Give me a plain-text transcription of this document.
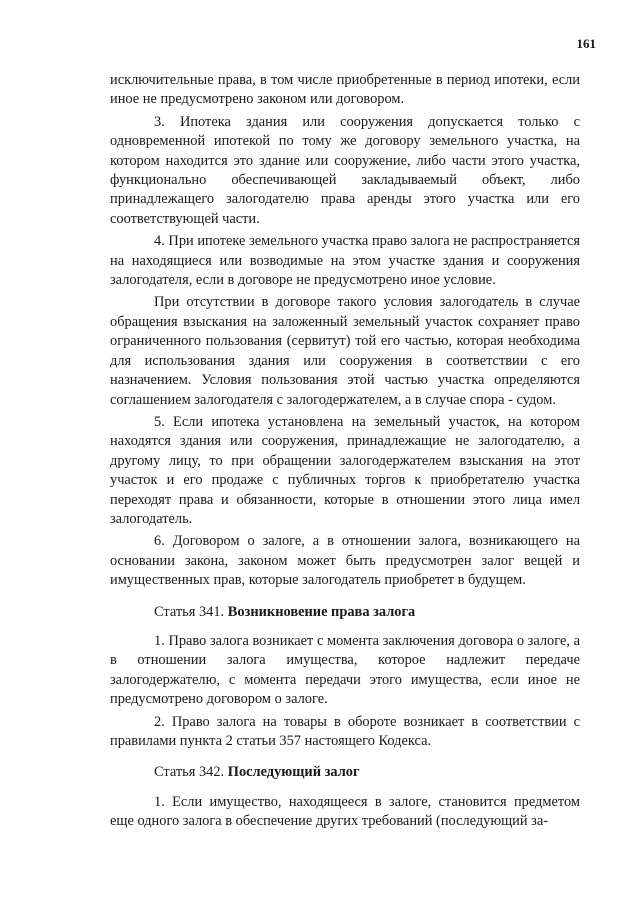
161

исключительные права, в том числе приобретенные в период ипотеки, если иное не предусмотрено законом или договором.

3. Ипотека здания или сооружения допускается только с одновременной ипотекой по тому же договору земельного участка, на котором находится это здание или сооружение, либо части этого участка, функционально обеспечивающей закладываемый объект, либо принадлежащего залогодателю права аренды этого участка или его соответствующей части.

4. При ипотеке земельного участка право залога не распространяется на находящиеся или возводимые на этом участке здания и сооружения залогодателя, если в договоре не предусмотрено иное условие.

При отсутствии в договоре такого условия залогодатель в случае обращения взыскания на заложенный земельный участок сохраняет право ограниченного пользования (сервитут) той его частью, которая необходима для использования здания или сооружения в соответствии с его назначением. Условия пользования этой частью участка определяются соглашением залогодателя с залогодержателем, а в случае спора - судом.

5. Если ипотека установлена на земельный участок, на котором находятся здания или сооружения, принадлежащие не залогодателю, а другому лицу, то при обращении залогодержателем взыскания на этот участок и его продаже с публичных торгов к приобретателю участка переходят права и обязанности, которые в отношении этого лица имел залогодатель.

6. Договором о залоге, а в отношении залога, возникающего на основании закона, законом может быть предусмотрен залог вещей и имущественных прав, которые залогодатель приобретет в будущем.

Статья 341. Возникновение права залога

1. Право залога возникает с момента заключения договора о залоге, а в отношении залога имущества, которое надлежит передаче залогодержателю, с момента передачи этого имущества, если иное не предусмотрено договором о залоге.

2. Право залога на товары в обороте возникает в соответствии с правилами пункта 2 статьи 357 настоящего Кодекса.

Статья 342. Последующий залог

1. Если имущество, находящееся в залоге, становится предметом еще одного залога в обеспечение других требований (последующий за-
